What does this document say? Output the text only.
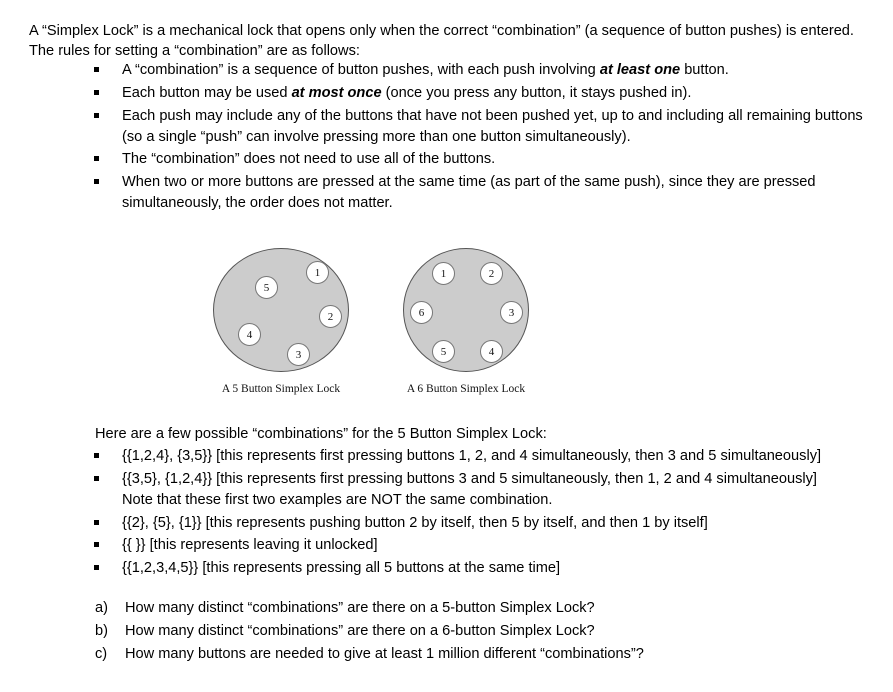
A “Simplex Lock” is a mechanical lock that opens only when the correct “combination” (a sequence of button pushes) is entered. The rules for setting a “combination” are as follows:

A “combination” is a sequence of button pushes, with each push involving at least one button.
Each button may be used at most once (once you press any button, it stays pushed in).
Each push may include any of the buttons that have not been pushed yet, up to and including all remaining buttons (so a single “push” can involve pressing more than one button simultaneously).
The “combination” does not need to use all of the buttons.
When two or more buttons are pressed at the same time (as part of the same push), since they are pressed simultaneously, the order does not matter.
1
5
2
4
3
A 5 Button Simplex Lock
1	2
6	3
5	4
A 6 Button Simplex Lock

Here are a few possible “combinations” for the 5 Button Simplex Lock:

{{1,2,4}, {3,5}} [this represents first pressing buttons 1, 2, and 4 simultaneously, then 3 and 5 simultaneously]
{{3,5}, {1,2,4}} [this represents first pressing buttons 3 and 5 simultaneously, then 1, 2 and 4 simultaneously]
Note that these first two examples are NOT the same combination.
{{2}, {5}, {1}} [this represents pushing button 2 by itself, then 5 by itself, and then 1 by itself]
{{ }} [this represents leaving it unlocked]
{{1,2,3,4,5}} [this represents pressing all 5 buttons at the same time]
a) How many distinct “combinations” are there on a 5-button Simplex Lock?
b) How many distinct “combinations” are there on a 6-button Simplex Lock?
c) How many buttons are needed to give at least 1 million different “combinations”?
